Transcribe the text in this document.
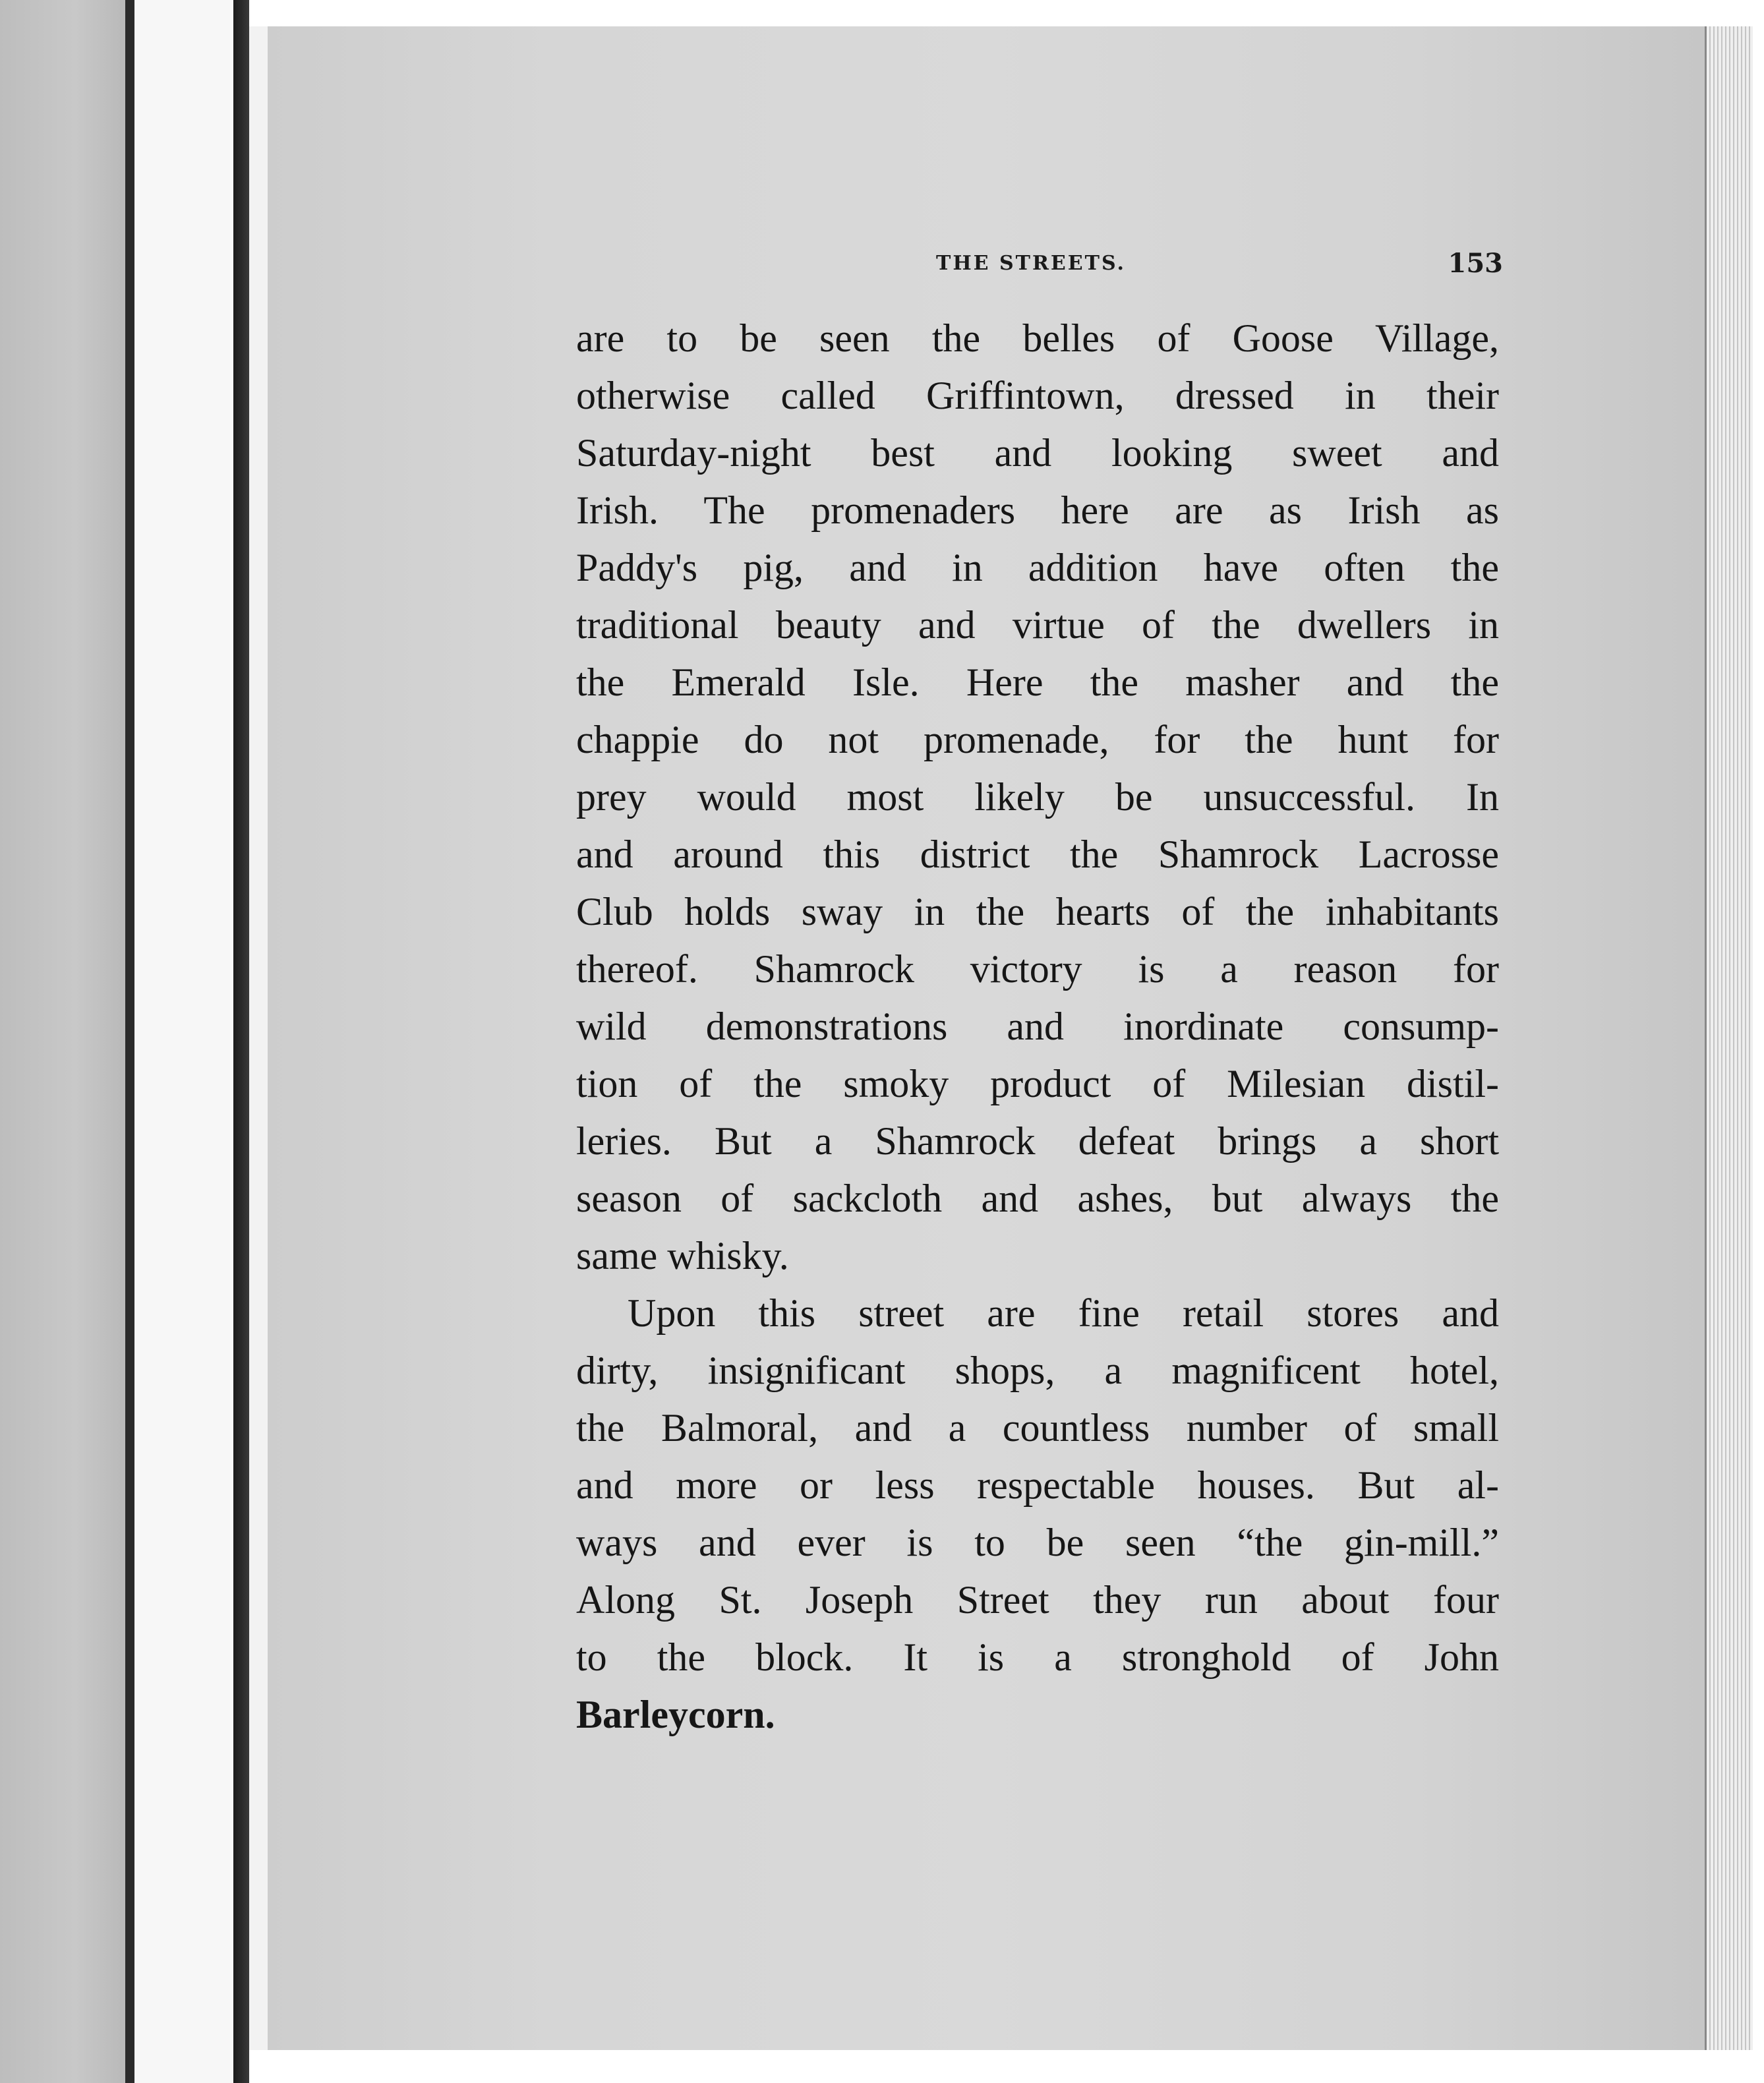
THE STREETS.	153
are to be seen the belles of Goose Village,
otherwise called Griffintown, dressed in their
Saturday-night best and looking sweet and
Irish. The promenaders here are as Irish as
Paddy's pig, and in addition have often the
traditional beauty and virtue of the dwellers in
the Emerald Isle. Here the masher and the
chappie do not promenade, for the hunt for
prey would most likely be unsuccessful. In
and around this district the Shamrock Lacrosse
Club holds sway in the hearts of the inhabitants
thereof. Shamrock victory is a reason for
wild demonstrations and inordinate consump-
tion of the smoky product of Milesian distil-
leries. But a Shamrock defeat brings a short
season of sackcloth and ashes, but always the
same whisky.
Upon this street are fine retail stores and
dirty, insignificant shops, a magnificent hotel,
the Balmoral, and a countless number of small
and more or less respectable houses. But al-
ways and ever is to be seen “the gin-mill.”
Along St. Joseph Street they run about four
to the block. It is a stronghold of John
Barleycorn.
